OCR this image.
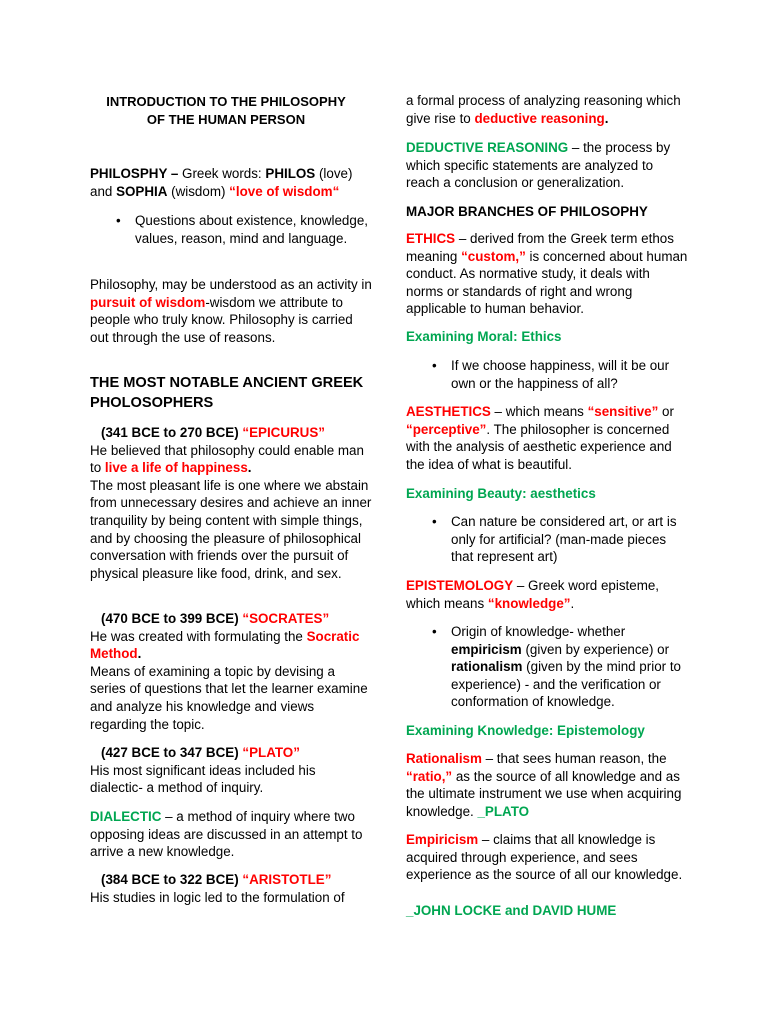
INTRODUCTION TO THE PHILOSOPHY
OF THE HUMAN PERSON

PHILOSPHY – Greek words: PHILOS (love) and SOPHIA (wisdom) “love of wisdom“

• Questions about existence, knowledge, values, reason, mind and language.

Philosophy, may be understood as an activity in pursuit of wisdom-wisdom we attribute to people who truly know. Philosophy is carried out through the use of reasons.

THE MOST NOTABLE ANCIENT GREEK PHOLOSOPHERS

(341 BCE to 270 BCE) “EPICURUS”

He believed that philosophy could enable man to live a life of happiness.

The most pleasant life is one where we abstain from unnecessary desires and achieve an inner tranquility by being content with simple things, and by choosing the pleasure of philosophical conversation with friends over the pursuit of physical pleasure like food, drink, and sex.

(470 BCE to 399 BCE) “SOCRATES”

He was created with formulating the Socratic Method.

Means of examining a topic by devising a series of questions that let the learner examine and analyze his knowledge and views regarding the topic.

(427 BCE to 347 BCE) “PLATO”

His most significant ideas included his dialectic- a method of inquiry.

DIALECTIC – a method of inquiry where two opposing ideas are discussed in an attempt to arrive a new knowledge.

(384 BCE to 322 BCE) “ARISTOTLE”

His studies in logic led to the formulation of

a formal process of analyzing reasoning which give rise to deductive reasoning.

DEDUCTIVE REASONING – the process by which specific statements are analyzed to reach a conclusion or generalization.

MAJOR BRANCHES OF PHILOSOPHY

ETHICS – derived from the Greek term ethos meaning “custom,” is concerned about human conduct. As normative study, it deals with norms or standards of right and wrong applicable to human behavior.

Examining Moral: Ethics

• If we choose happiness, will it be our own or the happiness of all?

AESTHETICS – which means “sensitive” or “perceptive”. The philosopher is concerned with the analysis of aesthetic experience and the idea of what is beautiful.

Examining Beauty: aesthetics

• Can nature be considered art, or art is only for artificial? (man-made pieces that represent art)

EPISTEMOLOGY – Greek word episteme, which means “knowledge”.

• Origin of knowledge- whether empiricism (given by experience) or rationalism (given by the mind prior to experience) - and the verification or conformation of knowledge.

Examining Knowledge: Epistemology

Rationalism – that sees human reason, the “ratio,” as the source of all knowledge and as the ultimate instrument we use when acquiring knowledge. _PLATO

Empiricism – claims that all knowledge is acquired through experience, and sees experience as the source of all our knowledge.

_JOHN LOCKE and DAVID HUME
